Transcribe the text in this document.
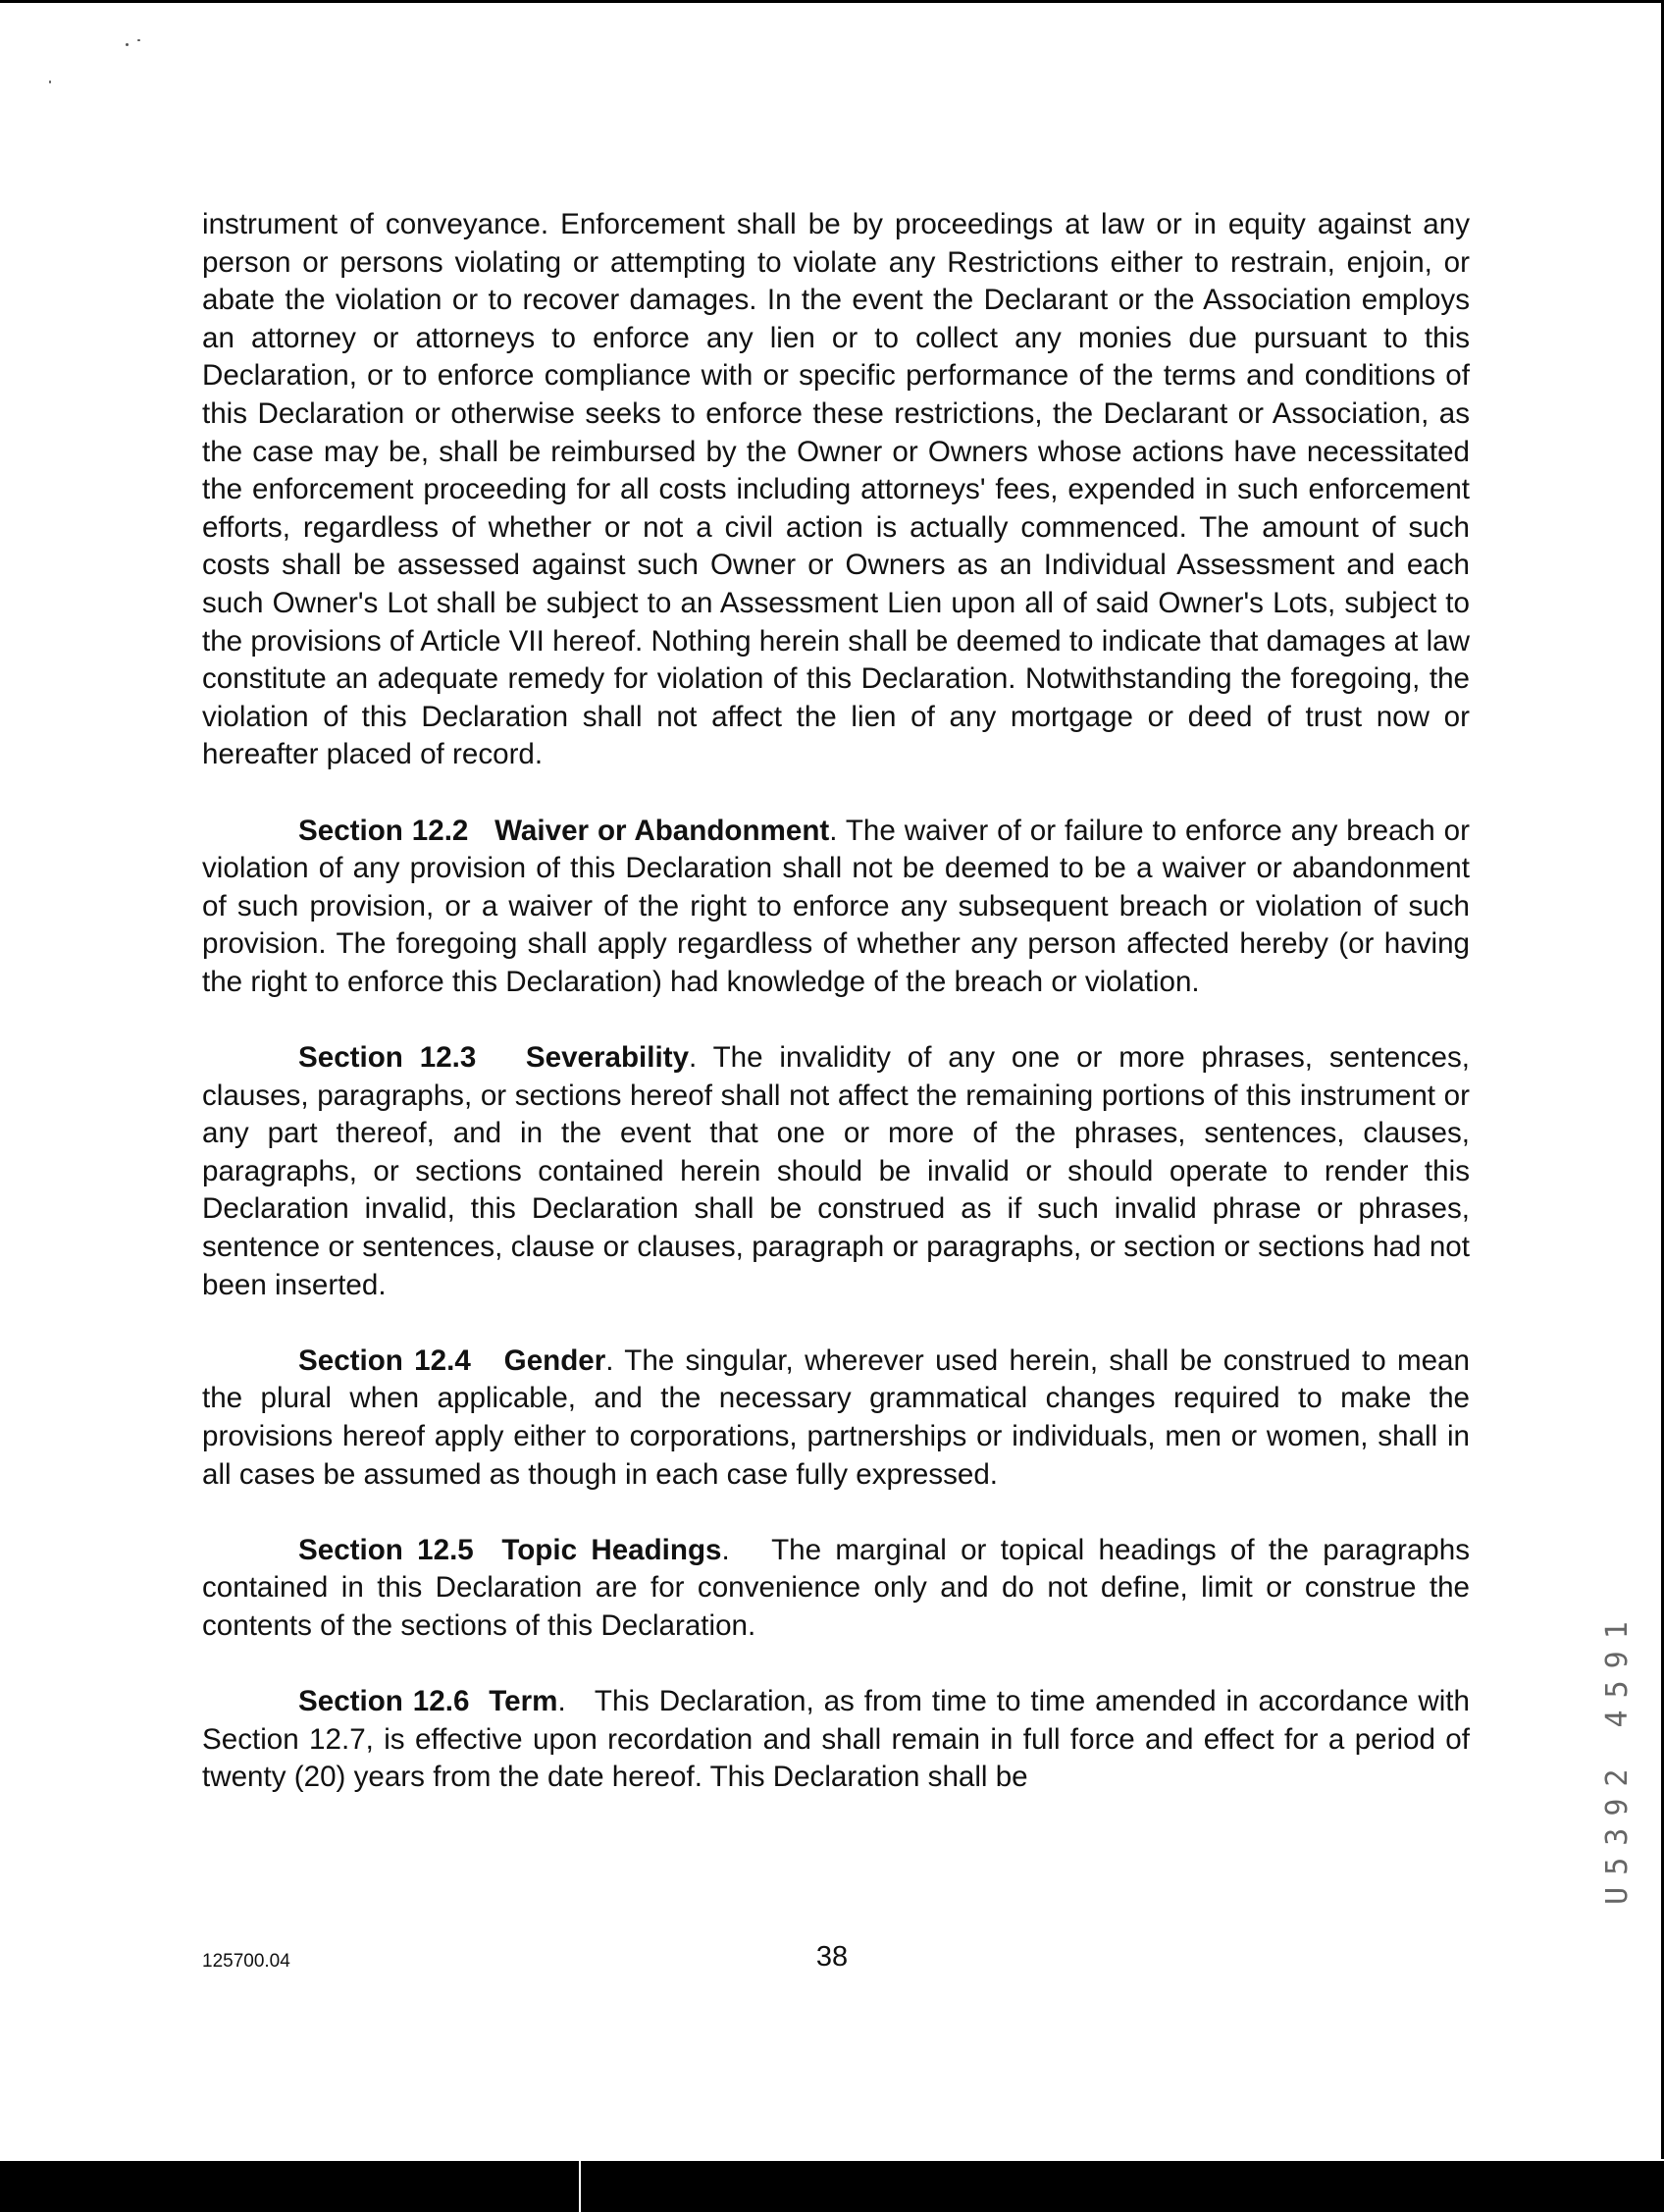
instrument of conveyance. Enforcement shall be by proceedings at law or in equity against any person or persons violating or attempting to violate any Restrictions either to restrain, enjoin, or abate the violation or to recover damages. In the event the Declarant or the Association employs an attorney or attorneys to enforce any lien or to collect any monies due pursuant to this Declaration, or to enforce compliance with or specific performance of the terms and conditions of this Declaration or otherwise seeks to enforce these restrictions, the Declarant or Association, as the case may be, shall be reimbursed by the Owner or Owners whose actions have necessitated the enforcement proceeding for all costs including attorneys' fees, expended in such enforcement efforts, regardless of whether or not a civil action is actually commenced. The amount of such costs shall be assessed against such Owner or Owners as an Individual Assessment and each such Owner's Lot shall be subject to an Assessment Lien upon all of said Owner's Lots, subject to the provisions of Article VII hereof. Nothing herein shall be deemed to indicate that damages at law constitute an adequate remedy for violation of this Declaration. Notwithstanding the foregoing, the violation of this Declaration shall not affect the lien of any mortgage or deed of trust now or hereafter placed of record.

Section 12.2 Waiver or Abandonment. The waiver of or failure to enforce any breach or violation of any provision of this Declaration shall not be deemed to be a waiver or abandonment of such provision, or a waiver of the right to enforce any subsequent breach or violation of such provision. The foregoing shall apply regardless of whether any person affected hereby (or having the right to enforce this Declaration) had knowledge of the breach or violation.

Section 12.3 Severability. The invalidity of any one or more phrases, sentences, clauses, paragraphs, or sections hereof shall not affect the remaining portions of this instrument or any part thereof, and in the event that one or more of the phrases, sentences, clauses, paragraphs, or sections contained herein should be invalid or should operate to render this Declaration invalid, this Declaration shall be construed as if such invalid phrase or phrases, sentence or sentences, clause or clauses, paragraph or paragraphs, or section or sections had not been inserted.

Section 12.4 Gender. The singular, wherever used herein, shall be construed to mean the plural when applicable, and the necessary grammatical changes required to make the provisions hereof apply either to corporations, partnerships or individuals, men or women, shall in all cases be assumed as though in each case fully expressed.

Section 12.5 Topic Headings.   The marginal or topical headings of the paragraphs contained in this Declaration are for convenience only and do not define, limit or construe the contents of the sections of this Declaration.

Section 12.6 Term.   This Declaration, as from time to time amended in accordance with Section 12.7, is effective upon recordation and shall remain in full force and effect for a period of twenty (20) years from the date hereof. This Declaration shall be

125700.04	38
U5392 4591
